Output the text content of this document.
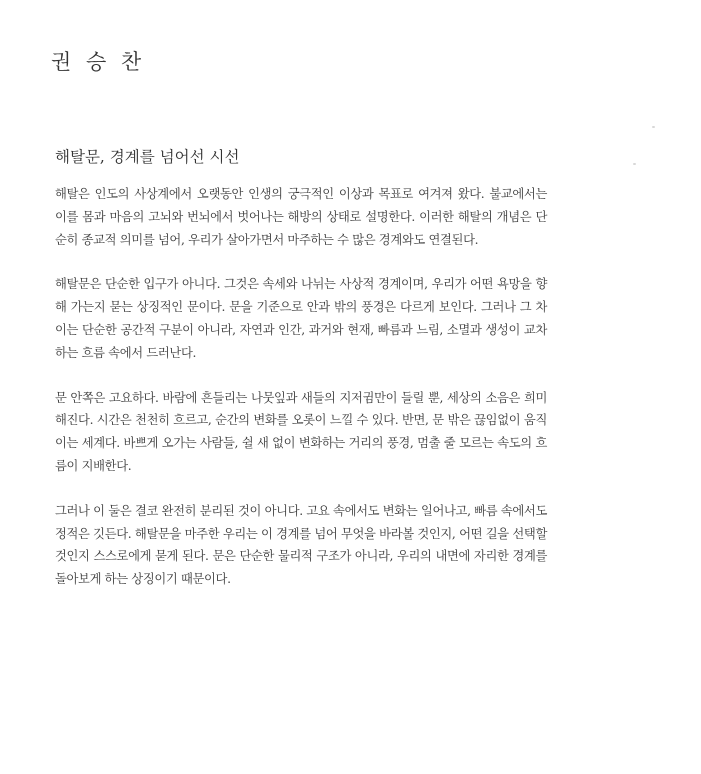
권 승 찬
해탈문, 경계를 넘어선 시선

해탈은 인도의 사상계에서 오랫동안 인생의 궁극적인 이상과 목표로 여겨져 왔다. 불교에서는 이를 몸과 마음의 고뇌와 번뇌에서 벗어나는 해방의 상태로 설명한다. 이러한 해탈의 개념은 단순히 종교적 의미를 넘어, 우리가 살아가면서 마주하는 수 많은 경계와도 연결된다.

해탈문은 단순한 입구가 아니다. 그것은 속세와 나뉘는 사상적 경계이며, 우리가 어떤 욕망을 향해 가는지 묻는 상징적인 문이다. 문을 기준으로 안과 밖의 풍경은 다르게 보인다. 그러나 그 차이는 단순한 공간적 구분이 아니라, 자연과 인간, 과거와 현재, 빠름과 느림, 소멸과 생성이 교차하는 흐름 속에서 드러난다.

문 안쪽은 고요하다. 바람에 흔들리는 나뭇잎과 새들의 지저귐만이 들릴 뿐, 세상의 소음은 희미해진다. 시간은 천천히 흐르고, 순간의 변화를 오롯이 느낄 수 있다. 반면, 문 밖은 끊임없이 움직이는 세계다. 바쁘게 오가는 사람들, 쉴 새 없이 변화하는 거리의 풍경, 멈출 줄 모르는 속도의 흐름이 지배한다.

그러나 이 둘은 결코 완전히 분리된 것이 아니다. 고요 속에서도 변화는 일어나고, 빠름 속에서도 정적은 깃든다. 해탈문을 마주한 우리는 이 경계를 넘어 무엇을 바라볼 것인지, 어떤 길을 선택할 것인지 스스로에게 묻게 된다. 문은 단순한 물리적 구조가 아니라, 우리의 내면에 자리한 경계를 돌아보게 하는 상징이기 때문이다.
